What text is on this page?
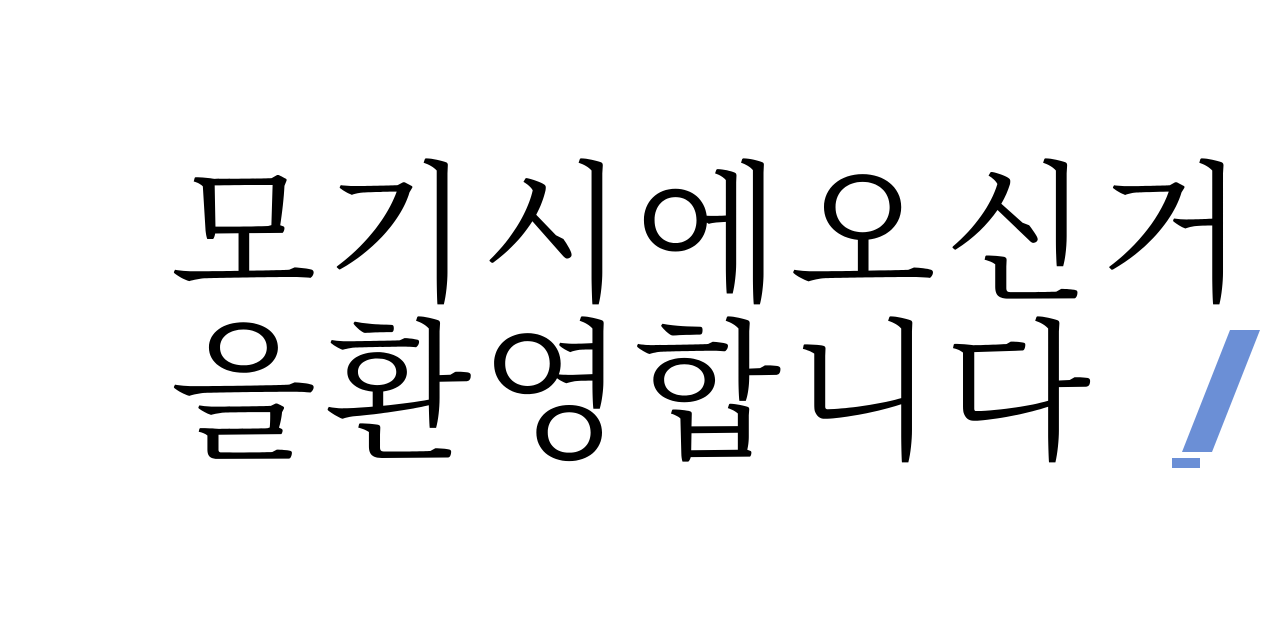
모기시에오신거
을환영합니다
